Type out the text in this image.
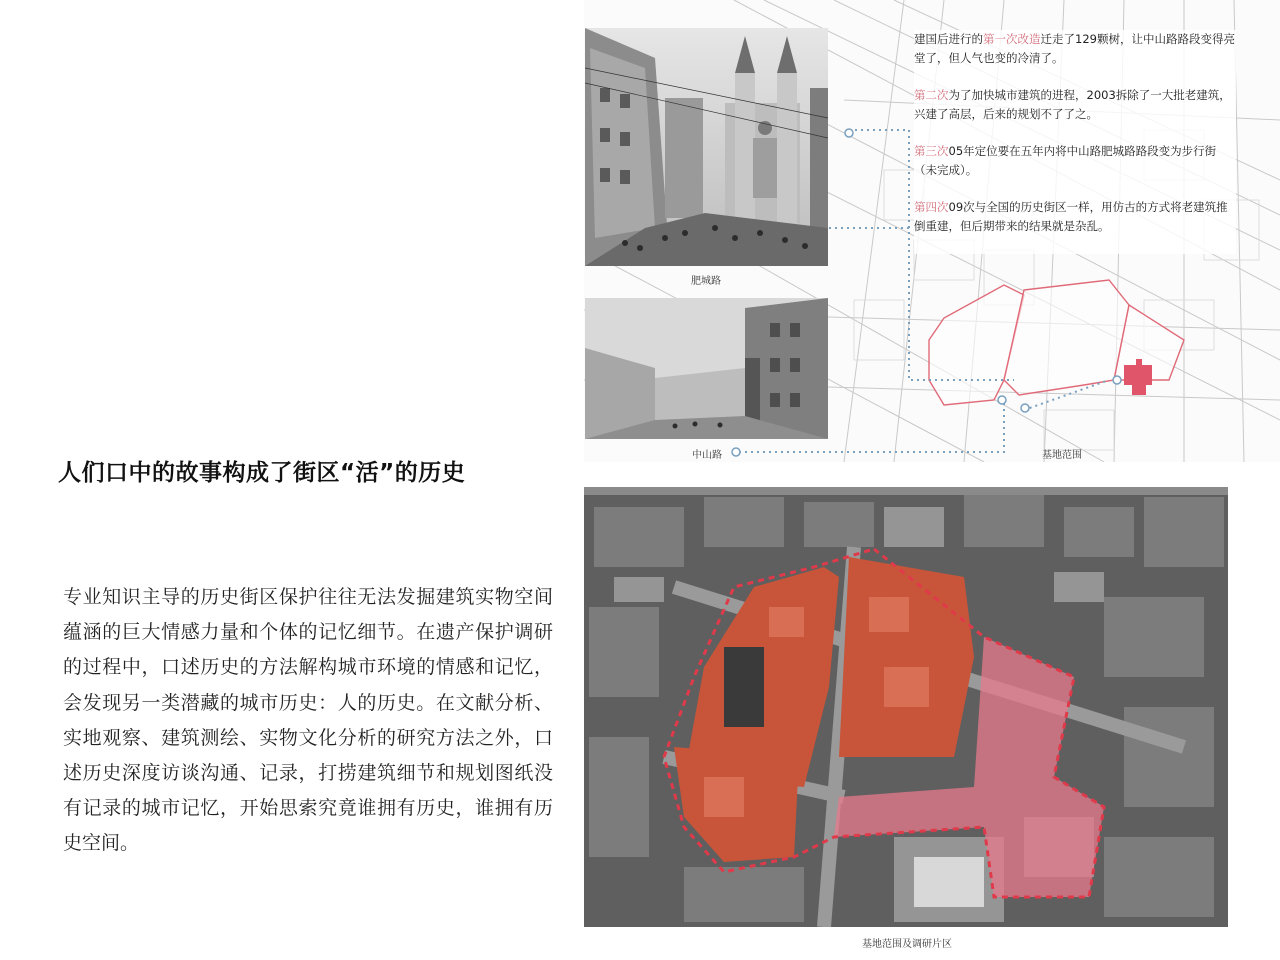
人们口中的故事构成了街区“活”的历史
专业知识主导的历史街区保护往往无法发掘建筑实物空间蕴涵的巨大情感力量和个体的记忆细节。在遗产保护调研的过程中，口述历史的方法解构城市环境的情感和记忆，会发现另一类潜藏的城市历史：人的历史。在文献分析、实地观察、建筑测绘、实物文化分析的研究方法之外，口述历史深度访谈沟通、记录，打捞建筑细节和规划图纸没有记录的城市记忆，开始思索究竟谁拥有历史，谁拥有历史空间。
肥城路
中山路	基地范围

建国后进行的第一次改造迁走了129颗树，让中山路路段变得亮堂了，但人气也变的冷清了。

第二次为了加快城市建筑的进程，2003拆除了一大批老建筑，兴建了高层，后来的规划不了了之。

第三次05年定位要在五年内将中山路肥城路路段变为步行街（未完成）。

第四次09次与全国的历史街区一样，用仿古的方式将老建筑推倒重建，但后期带来的结果就是杂乱。

基地范围及调研片区
